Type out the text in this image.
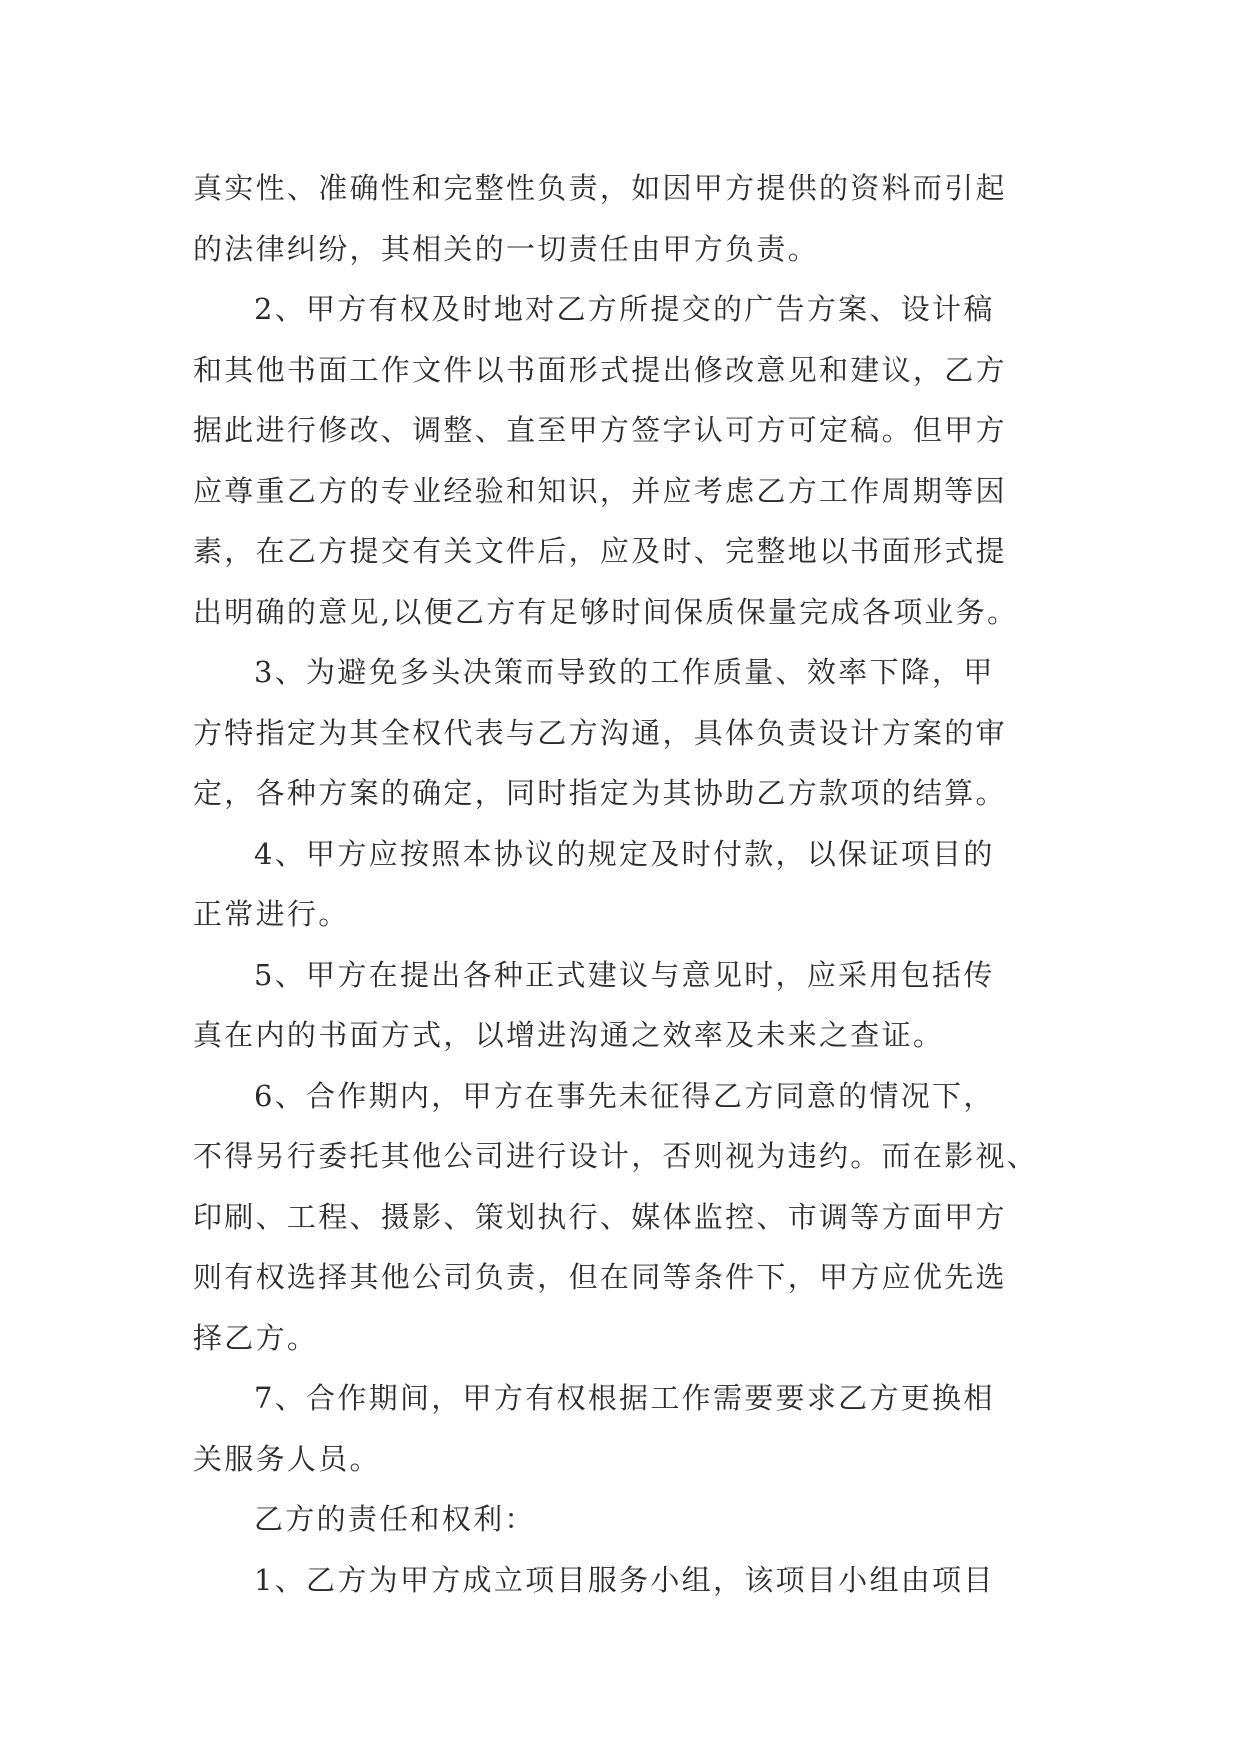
真实性、准确性和完整性负责，如因甲方提供的资料而引起
的法律纠纷，其相关的一切责任由甲方负责。

2、甲方有权及时地对乙方所提交的广告方案、设计稿
和其他书面工作文件以书面形式提出修改意见和建议，乙方
据此进行修改、调整、直至甲方签字认可方可定稿。但甲方
应尊重乙方的专业经验和知识，并应考虑乙方工作周期等因
素，在乙方提交有关文件后，应及时、完整地以书面形式提
出明确的意见,以便乙方有足够时间保质保量完成各项业务。

3、为避免多头决策而导致的工作质量、效率下降，甲
方特指定为其全权代表与乙方沟通，具体负责设计方案的审
定，各种方案的确定，同时指定为其协助乙方款项的结算。

4、甲方应按照本协议的规定及时付款，以保证项目的
正常进行。

5、甲方在提出各种正式建议与意见时，应采用包括传
真在内的书面方式，以增进沟通之效率及未来之查证。

6、合作期内，甲方在事先未征得乙方同意的情况下，
不得另行委托其他公司进行设计，否则视为违约。而在影视、
印刷、工程、摄影、策划执行、媒体监控、市调等方面甲方
则有权选择其他公司负责，但在同等条件下，甲方应优先选
择乙方。

7、合作期间，甲方有权根据工作需要要求乙方更换相
关服务人员。

乙方的责任和权利：

1、乙方为甲方成立项目服务小组，该项目小组由项目
